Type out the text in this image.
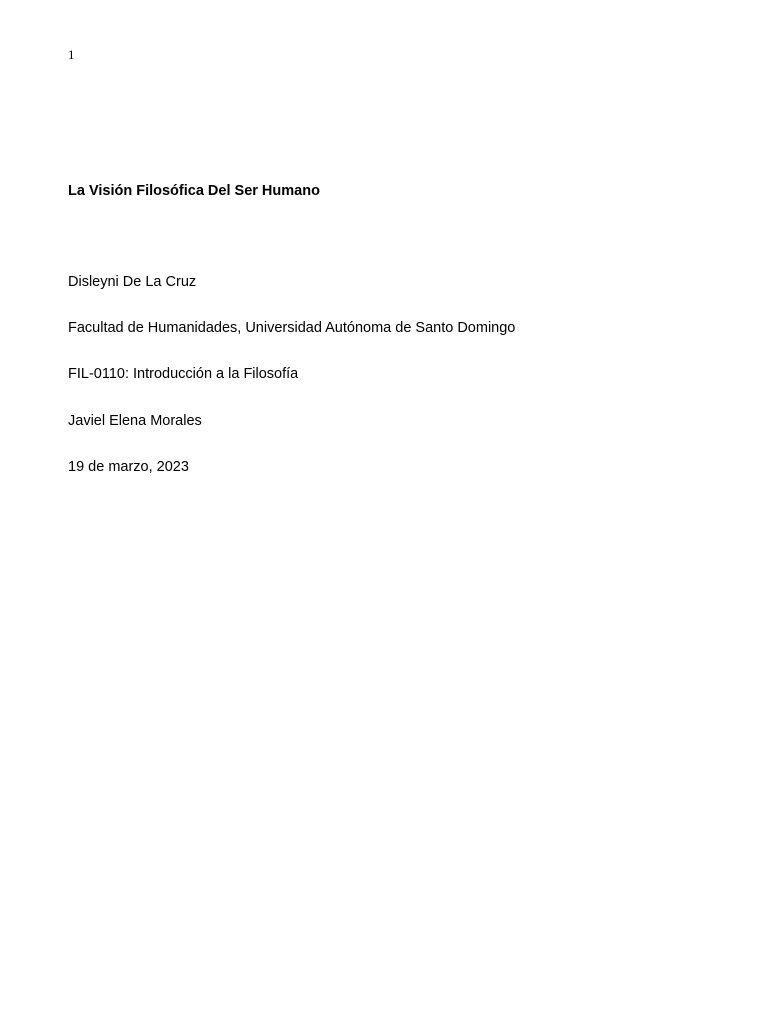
1
La Visión Filosófica Del Ser Humano

Disleyni De La Cruz

Facultad de Humanidades, Universidad Autónoma de Santo Domingo

FIL-0110: Introducción a la Filosofía

Javiel Elena Morales

19 de marzo, 2023
